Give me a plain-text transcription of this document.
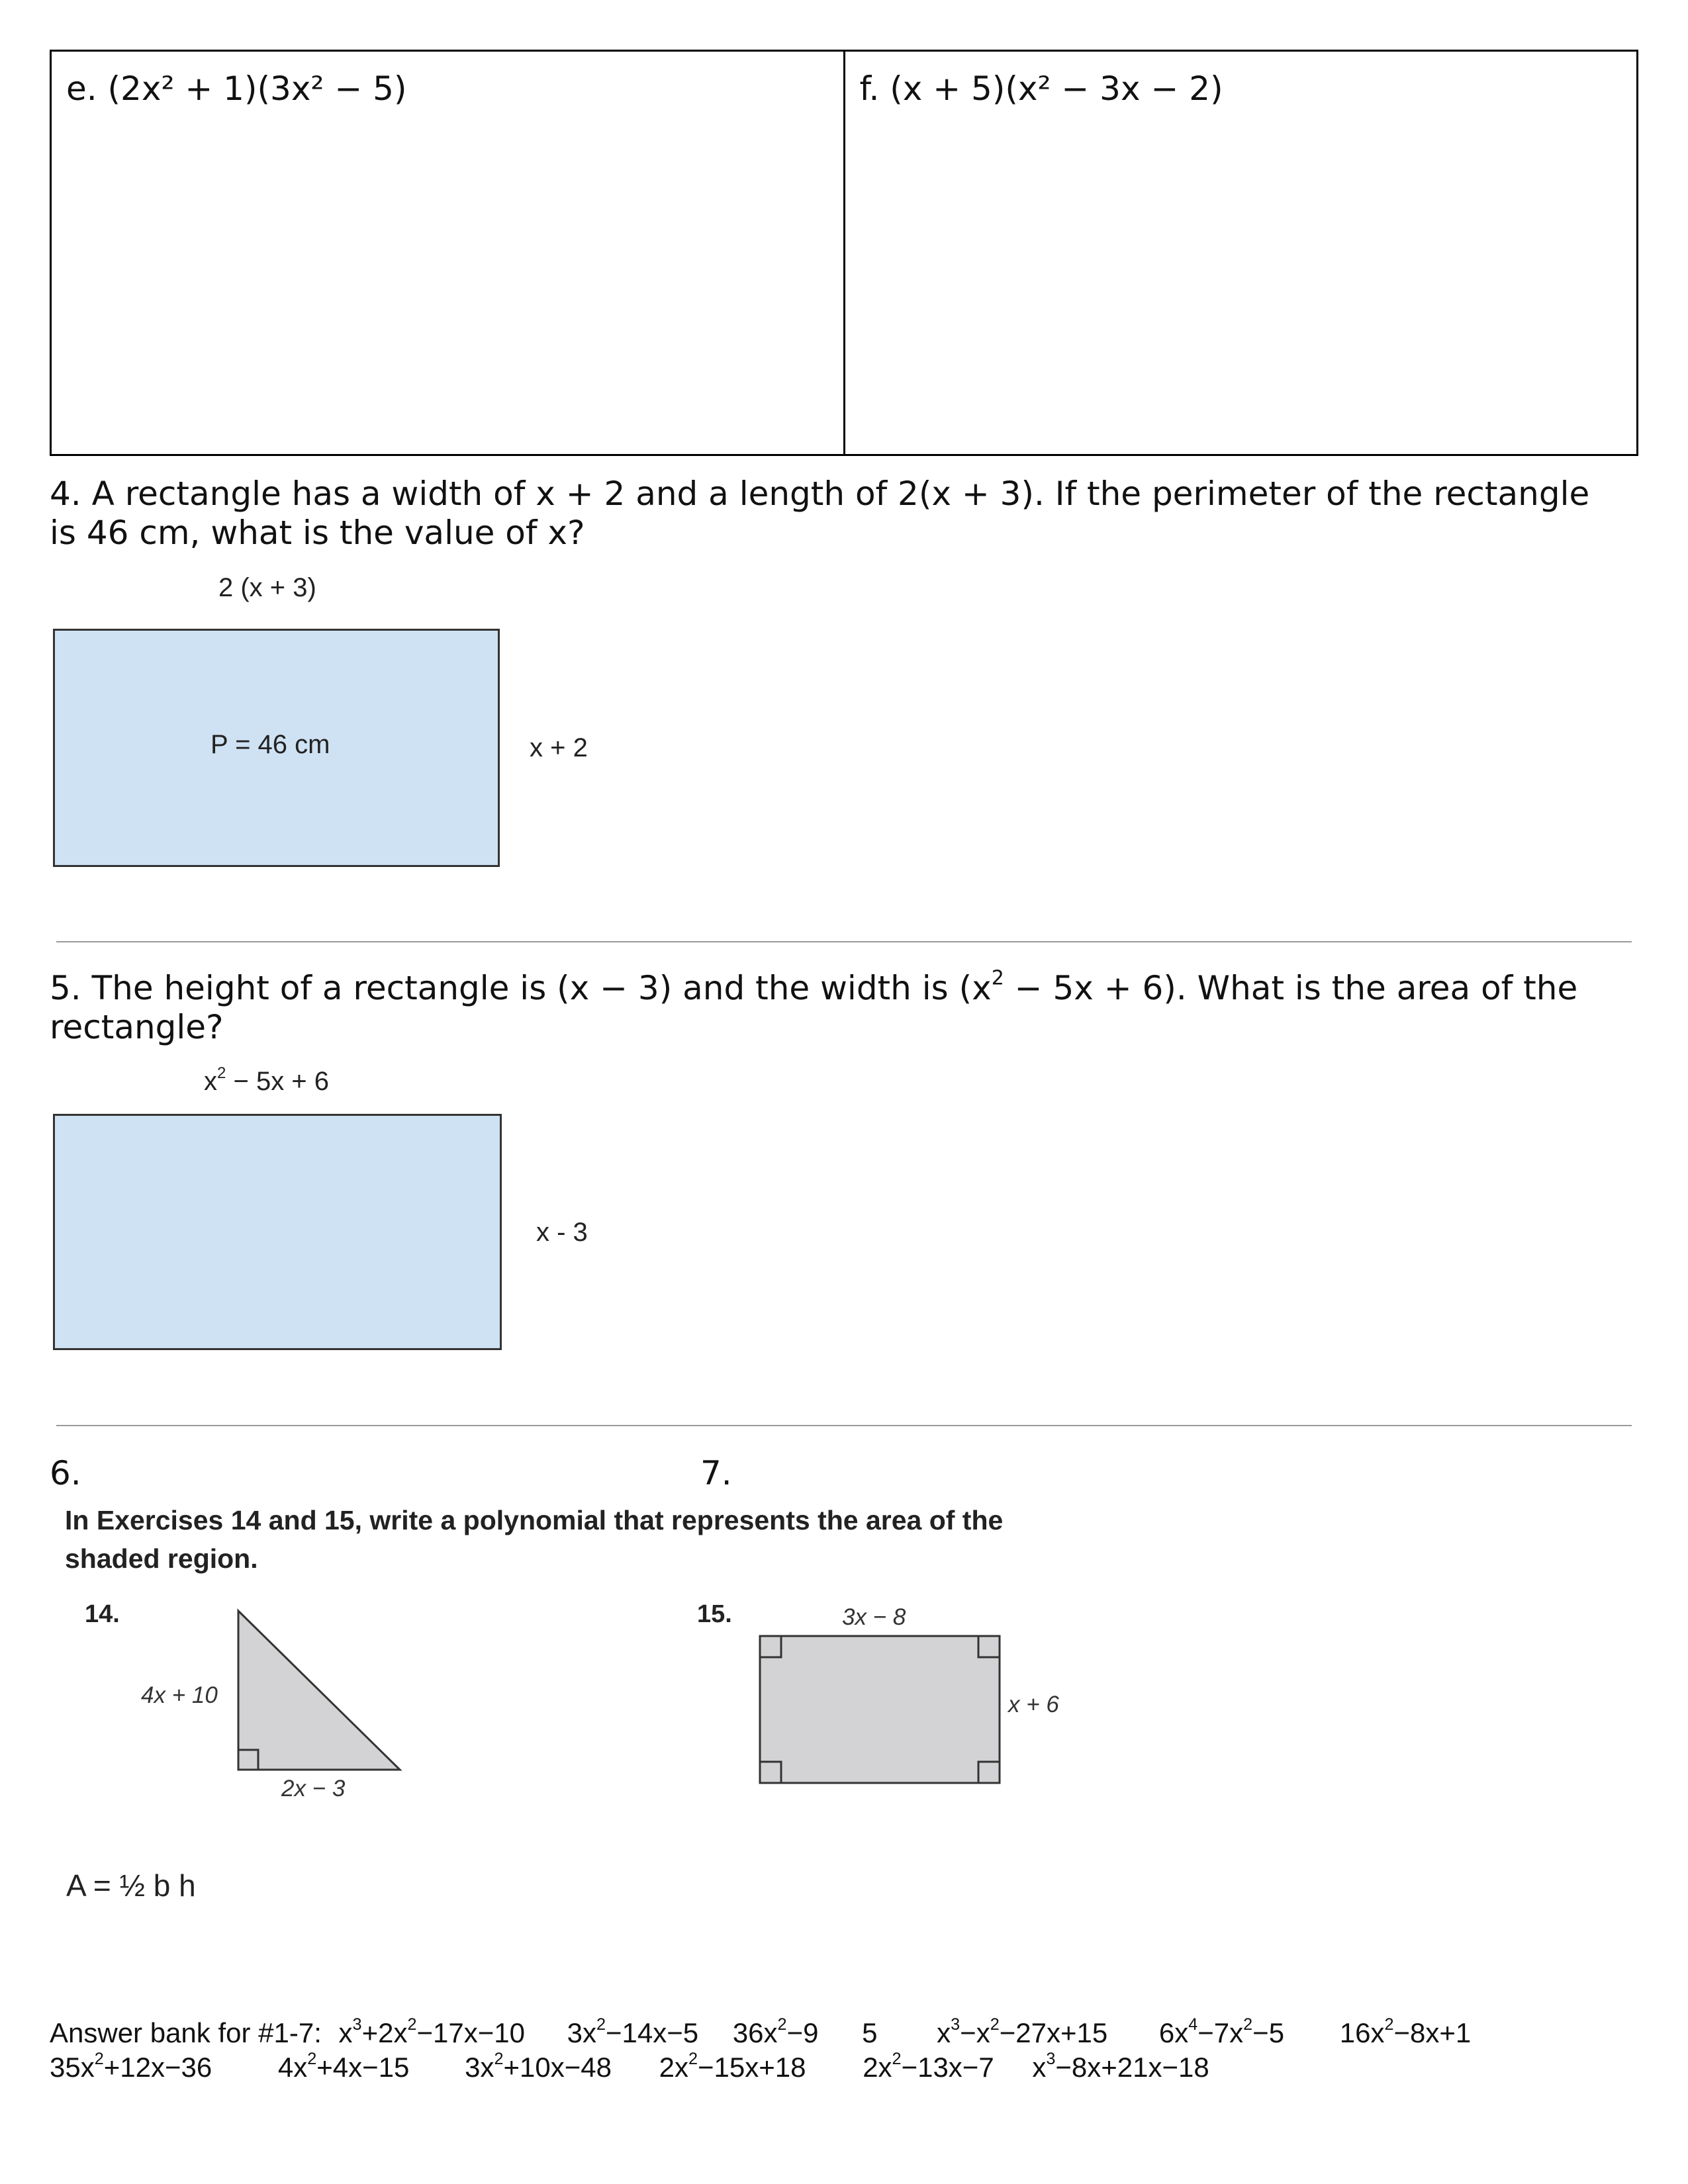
e. (2x² + 1)(3x² − 5)	f. (x + 5)(x² − 3x − 2)
4. A rectangle has a width of x + 2 and a length of 2(x + 3). If the perimeter of the rectangle
is 46 cm, what is the value of x?
2 (x + 3)
P = 46 cm	x + 2
5. The height of a rectangle is (x − 3) and the width is $(x^2 - 5x + 6)$. What is the area of the
rectangle?
$x^2 - 5x + 6$
x - 3
6.	7.
In Exercises 14 and 15, write a polynomial that represents the area of the
shaded region.
14.
4x + 10
2x − 3
15.	3x − 8
x + 6
A = ½ b h
Answer bank for #1-7: $x^3+2x^2-17x-10$ $3x^2-14x-5$ $36x^2-9$ 5 $x^3-x^2-27x+15$ $6x^4-7x^2-5$ $16x^2-8x+1$
$35x^2+12x-36$ $4x^2+4x-15$ $3x^2+10x-48$ $2x^2-15x+18$ $2x^2-13x-7$ $x^3-8x+21x-18$
